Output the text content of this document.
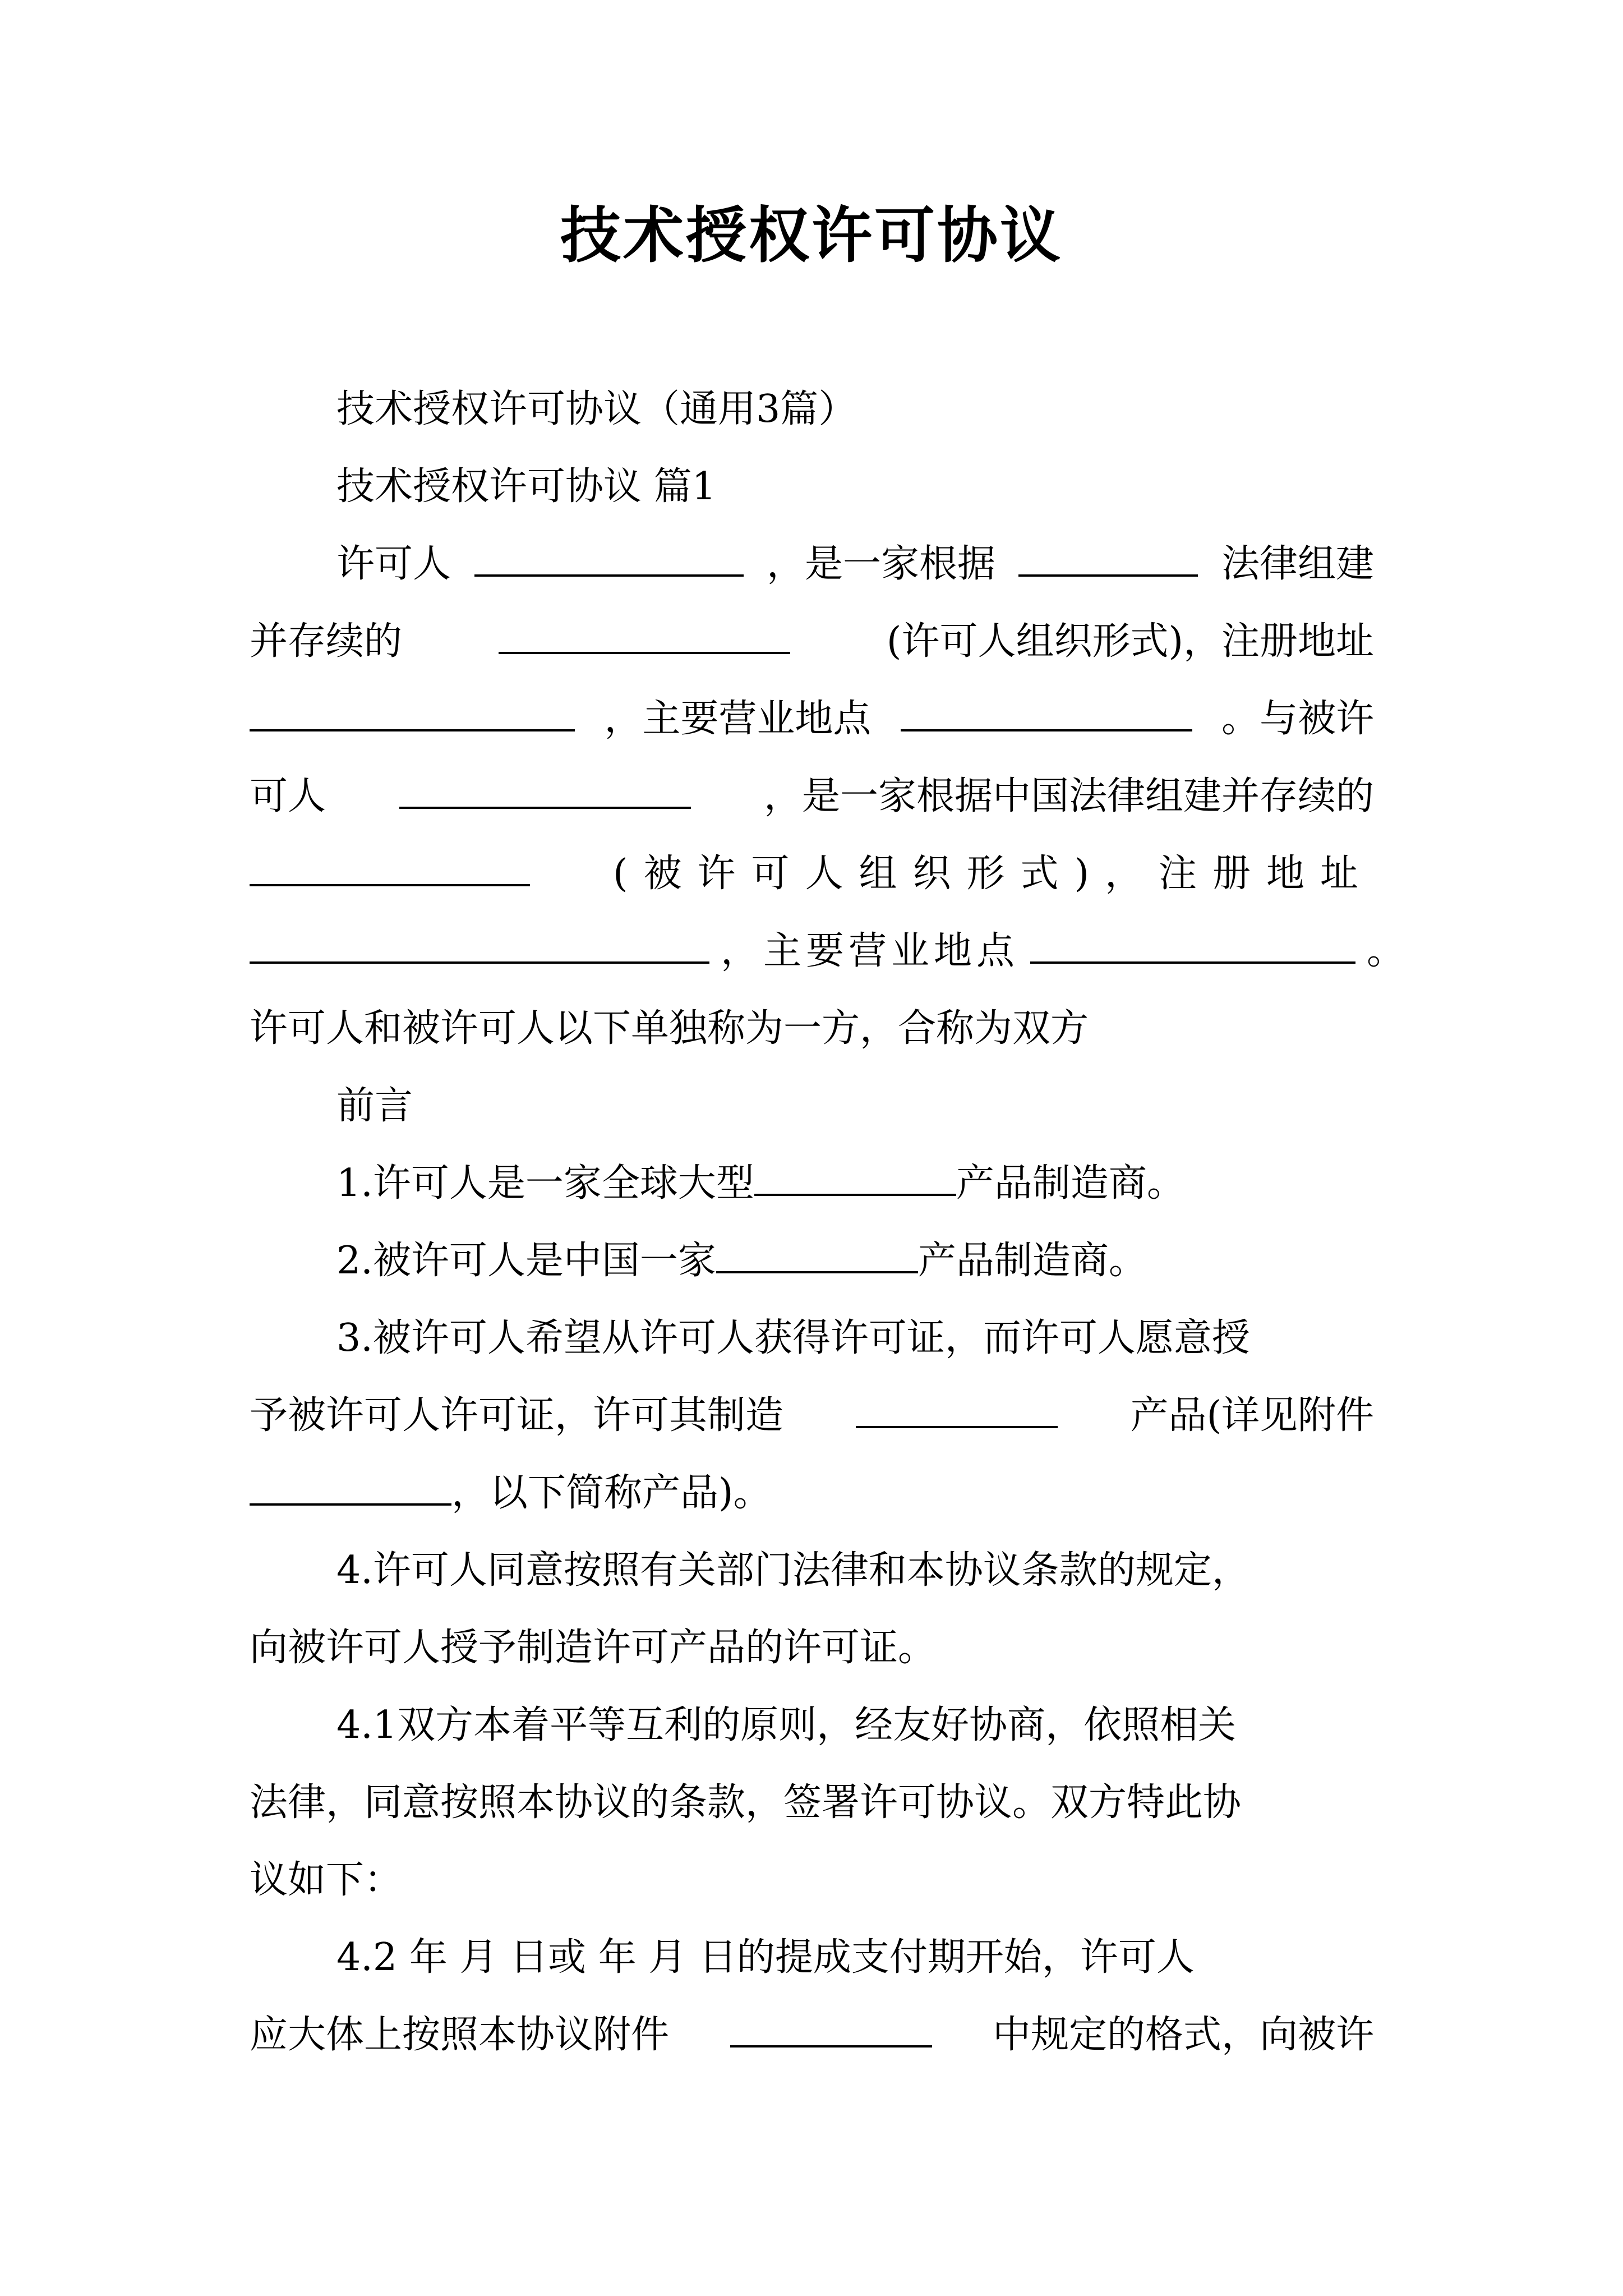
技术授权许可协议
技术授权许可协议（通用3篇）
技术授权许可协议 篇1
许可人	，是一家根据	法律组建
并存续的	(许可人组织形式)，注册地址
，主要营业地点	。与被许
可人	，是一家根据中国法律组建并存续的
(被许可人组织形式)，注册地址
，主要营业地点	。
许可人和被许可人以下单独称为一方，合称为双方
前言
1.许可人是一家全球大型	产品制造商。
2.被许可人是中国一家	产品制造商。
3.被许可人希望从许可人获得许可证，而许可人愿意授
予被许可人许可证，许可其制造	产品(详见附件
，以下简称产品)。
4.许可人同意按照有关部门法律和本协议条款的规定，
向被许可人授予制造许可产品的许可证。
4.1双方本着平等互利的原则，经友好协商，依照相关
法律，同意按照本协议的条款，签署许可协议。双方特此协
议如下：
4.2 年 月 日或 年 月 日的提成支付期开始，许可人
应大体上按照本协议附件	中规定的格式，向被许
